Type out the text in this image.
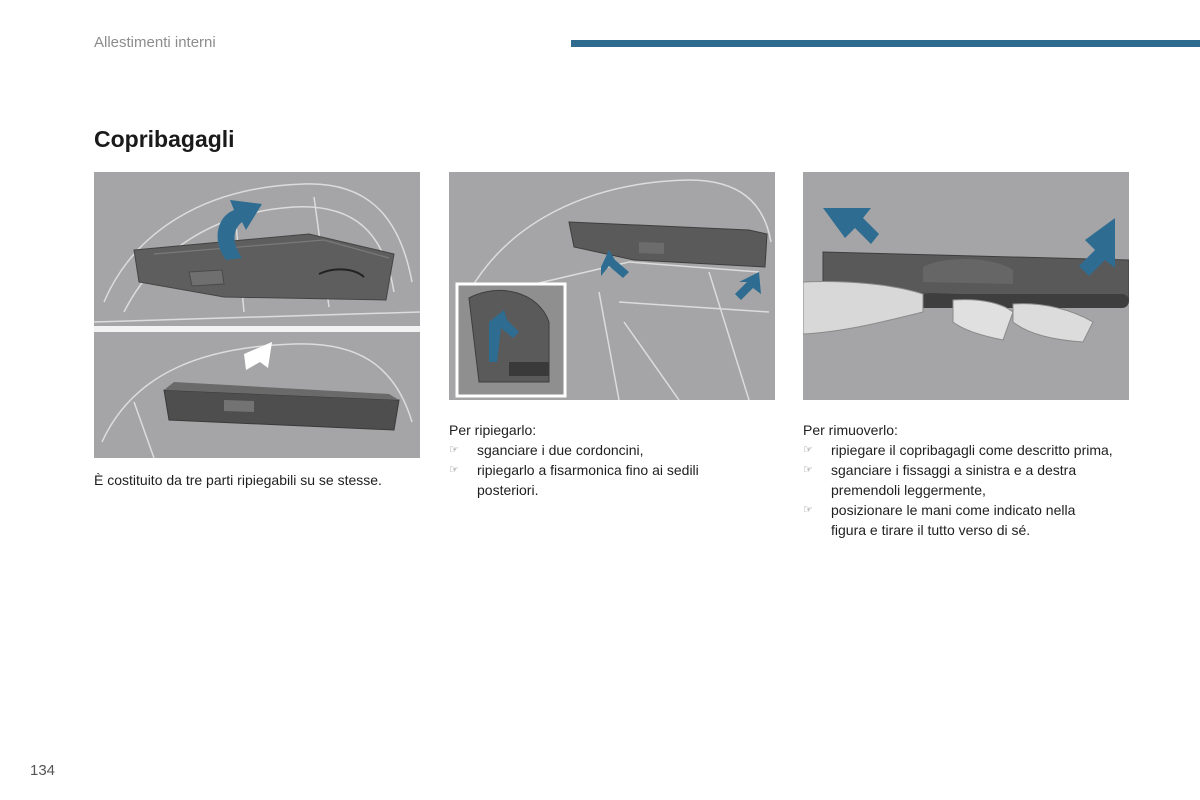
Allestimenti interni
Copribagagli

È costituito da tre parti ripiegabili su se stesse.

Per ripiegarlo:

☞ sganciare i due cordoncini,
☞ ripiegarlo a fisarmonica fino ai sedili posteriori.

Per rimuoverlo:

☞ ripiegare il copribagagli come descritto prima,
☞ sganciare i fissaggi a sinistra e a destra premendoli leggermente,
☞ posizionare le mani come indicato nella figura e tirare il tutto verso di sé.
134
